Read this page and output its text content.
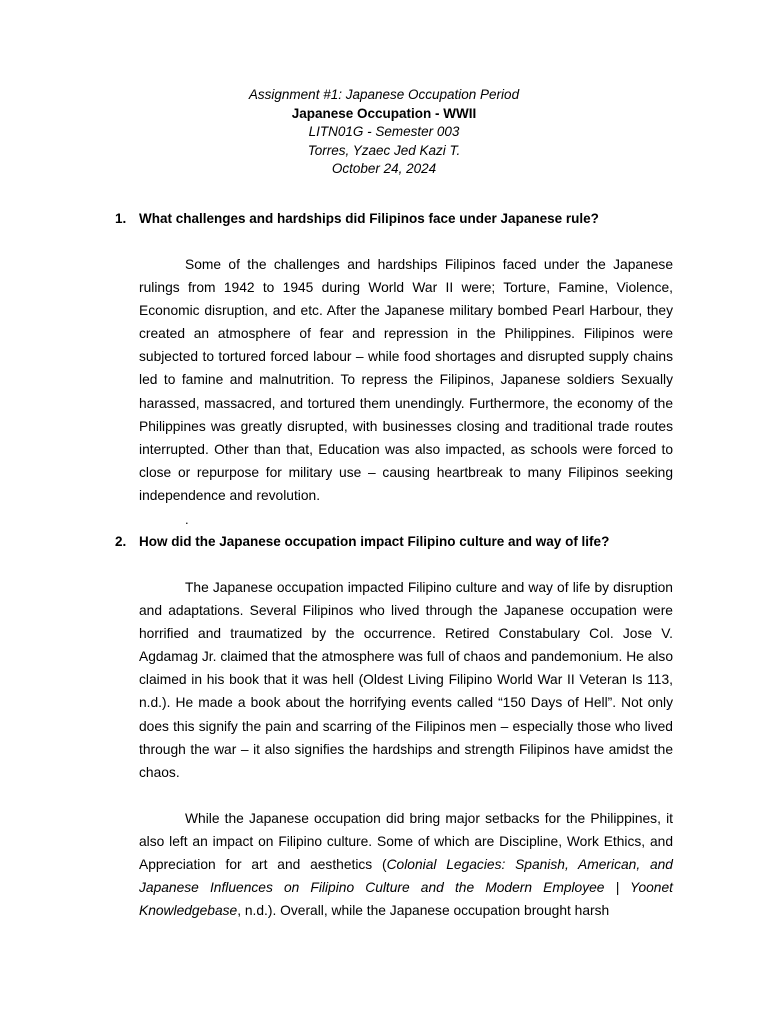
Assignment #1: Japanese Occupation Period
Japanese Occupation - WWII
LITN01G - Semester 003
Torres, Yzaec Jed Kazi T.
October 24, 2024
1. What challenges and hardships did Filipinos face under Japanese rule?
Some of the challenges and hardships Filipinos faced under the Japanese rulings from 1942 to 1945 during World War II were; Torture, Famine, Violence, Economic disruption, and etc. After the Japanese military bombed Pearl Harbour, they created an atmosphere of fear and repression in the Philippines. Filipinos were subjected to tortured forced labour – while food shortages and disrupted supply chains led to famine and malnutrition. To repress the Filipinos, Japanese soldiers Sexually harassed, massacred, and tortured them unendingly. Furthermore, the economy of the Philippines was greatly disrupted, with businesses closing and traditional trade routes interrupted. Other than that, Education was also impacted, as schools were forced to close or repurpose for military use – causing heartbreak to many Filipinos seeking independence and revolution.
.
2. How did the Japanese occupation impact Filipino culture and way of life?
The Japanese occupation impacted Filipino culture and way of life by disruption and adaptations. Several Filipinos who lived through the Japanese occupation were horrified and traumatized by the occurrence. Retired Constabulary Col. Jose V. Agdamag Jr. claimed that the atmosphere was full of chaos and pandemonium. He also claimed in his book that it was hell (Oldest Living Filipino World War II Veteran Is 113, n.d.). He made a book about the horrifying events called “150 Days of Hell”. Not only does this signify the pain and scarring of the Filipinos men – especially those who lived through the war – it also signifies the hardships and strength Filipinos have amidst the chaos.
While the Japanese occupation did bring major setbacks for the Philippines, it also left an impact on Filipino culture. Some of which are Discipline, Work Ethics, and Appreciation for art and aesthetics (Colonial Legacies: Spanish, American, and Japanese Influences on Filipino Culture and the Modern Employee | Yoonet Knowledgebase, n.d.). Overall, while the Japanese occupation brought harsh
